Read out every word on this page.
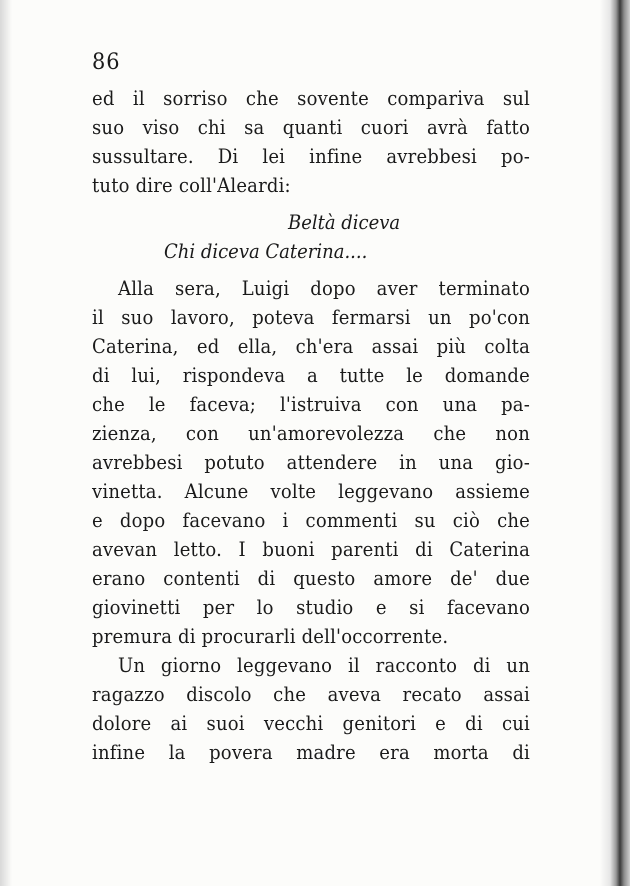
86
ed il sorriso che sovente compariva sul
suo viso chi sa quanti cuori avrà fatto
sussultare. Di lei infine avrebbesi po-
tuto dire coll'Aleardi:
Beltà diceva
Chi diceva Caterina....
Alla sera, Luigi dopo aver terminato
il suo lavoro, poteva fermarsi un po'con
Caterina, ed ella, ch'era assai più colta
di lui, rispondeva a tutte le domande
che le faceva; l'istruiva con una pa-
zienza, con un'amorevolezza che non
avrebbesi potuto attendere in una gio-
vinetta. Alcune volte leggevano assieme
e dopo facevano i commenti su ciò che
avevan letto. I buoni parenti di Caterina
erano contenti di questo amore de' due
giovinetti per lo studio e si facevano
premura di procurarli dell'occorrente.
Un giorno leggevano il racconto di un
ragazzo discolo che aveva recato assai
dolore ai suoi vecchi genitori e di cui
infine la povera madre era morta di
